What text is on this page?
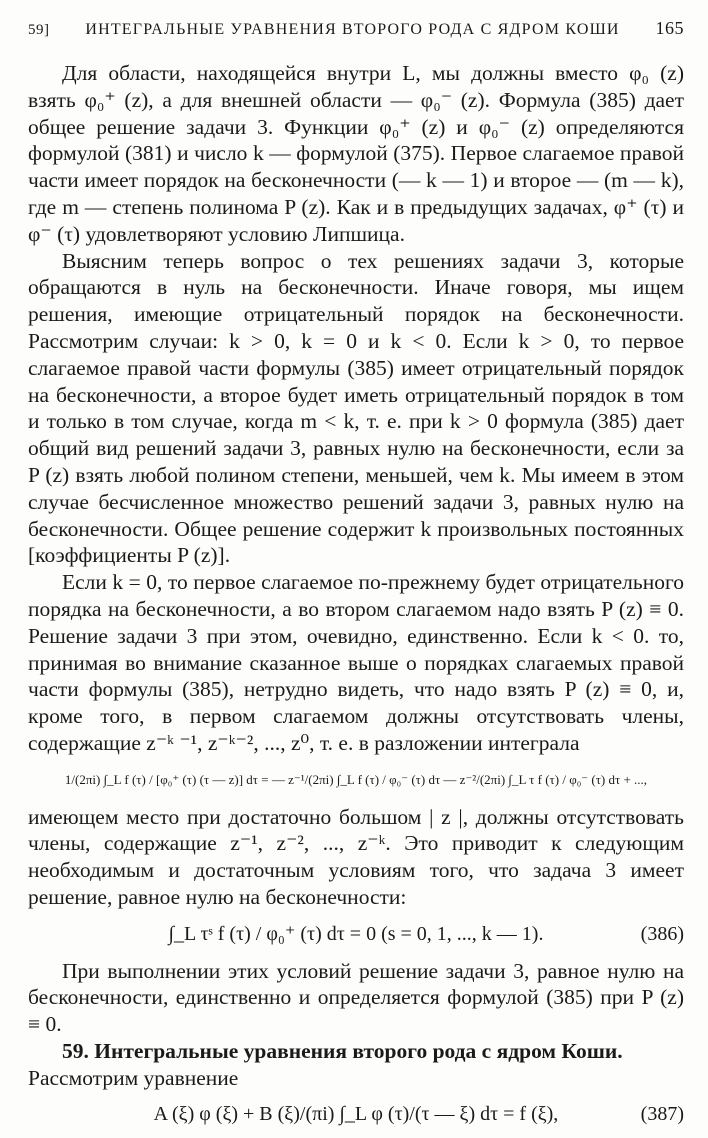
59] ИНТЕГРАЛЬНЫЕ УРАВНЕНИЯ ВТОРОГО РОДА С ЯДРОМ КОШИ 165

Для области, находящейся внутри L, мы должны вместо φ₀ (z) взять φ₀⁺ (z), а для внешней области — φ₀⁻ (z). Формула (385) дает общее решение задачи 3. Функции φ₀⁺ (z) и φ₀⁻ (z) определяются формулой (381) и число k — формулой (375). Первое слагаемое правой части имеет порядок на бесконечности (— k — 1) и второе — (m — k), где m — степень полинома P (z). Как и в предыдущих задачах, φ⁺ (τ) и φ⁻ (τ) удовлетворяют условию Липшица.

Выясним теперь вопрос о тех решениях задачи 3, которые обращаются в нуль на бесконечности. Иначе говоря, мы ищем решения, имеющие отрицательный порядок на бесконечности. Рассмотрим случаи: k > 0, k = 0 и k < 0. Если k > 0, то первое слагаемое правой части формулы (385) имеет отрицательный порядок на бесконечности, а второе будет иметь отрицательный порядок в том и только в том случае, когда m < k, т. е. при k > 0 формула (385) дает общий вид решений задачи 3, равных нулю на бесконечности, если за P (z) взять любой полином степени, меньшей, чем k. Мы имеем в этом случае бесчисленное множество решений задачи 3, равных нулю на бесконечности. Общее решение содержит k произвольных постоянных [коэффициенты P (z)].

Если k = 0, то первое слагаемое по-прежнему будет отрицательного порядка на бесконечности, а во втором слагаемом надо взять P (z) ≡ 0. Решение задачи 3 при этом, очевидно, единственно. Если k < 0. то, принимая во внимание сказанное выше о порядках слагаемых правой части формулы (385), нетрудно видеть, что надо взять P (z) ≡ 0, и, кроме того, в первом слагаемом должны отсутствовать члены, содержащие z⁻ᵏ ⁻¹, z⁻ᵏ⁻², ..., z⁰, т. е. в разложении интеграла

1/(2πi) ∫_L f (τ) / [φ₀⁺ (τ) (τ — z)] dτ = — z⁻¹/(2πi) ∫_L f (τ) / φ₀⁻ (τ) dτ — z⁻²/(2πi) ∫_L τ f (τ) / φ₀⁻ (τ) dτ + ...,

имеющем место при достаточно большом | z |, должны отсутствовать члены, содержащие z⁻¹, z⁻², ..., z⁻ᵏ. Это приводит к следующим необходимым и достаточным условиям того, что задача 3 имеет решение, равное нулю на бесконечности:

∫_L τˢ f (τ) / φ₀⁺ (τ) dτ = 0 (s = 0, 1, ..., k — 1).	(386)

При выполнении этих условий решение задачи 3, равное нулю на бесконечности, единственно и определяется формулой (385) при P (z) ≡ 0.

59. Интегральные уравнения второго рода с ядром Коши.

Рассмотрим уравнение

A (ξ) φ (ξ) + B (ξ)/(πi) ∫_L φ (τ)/(τ — ξ) dτ = f (ξ),	(387)
